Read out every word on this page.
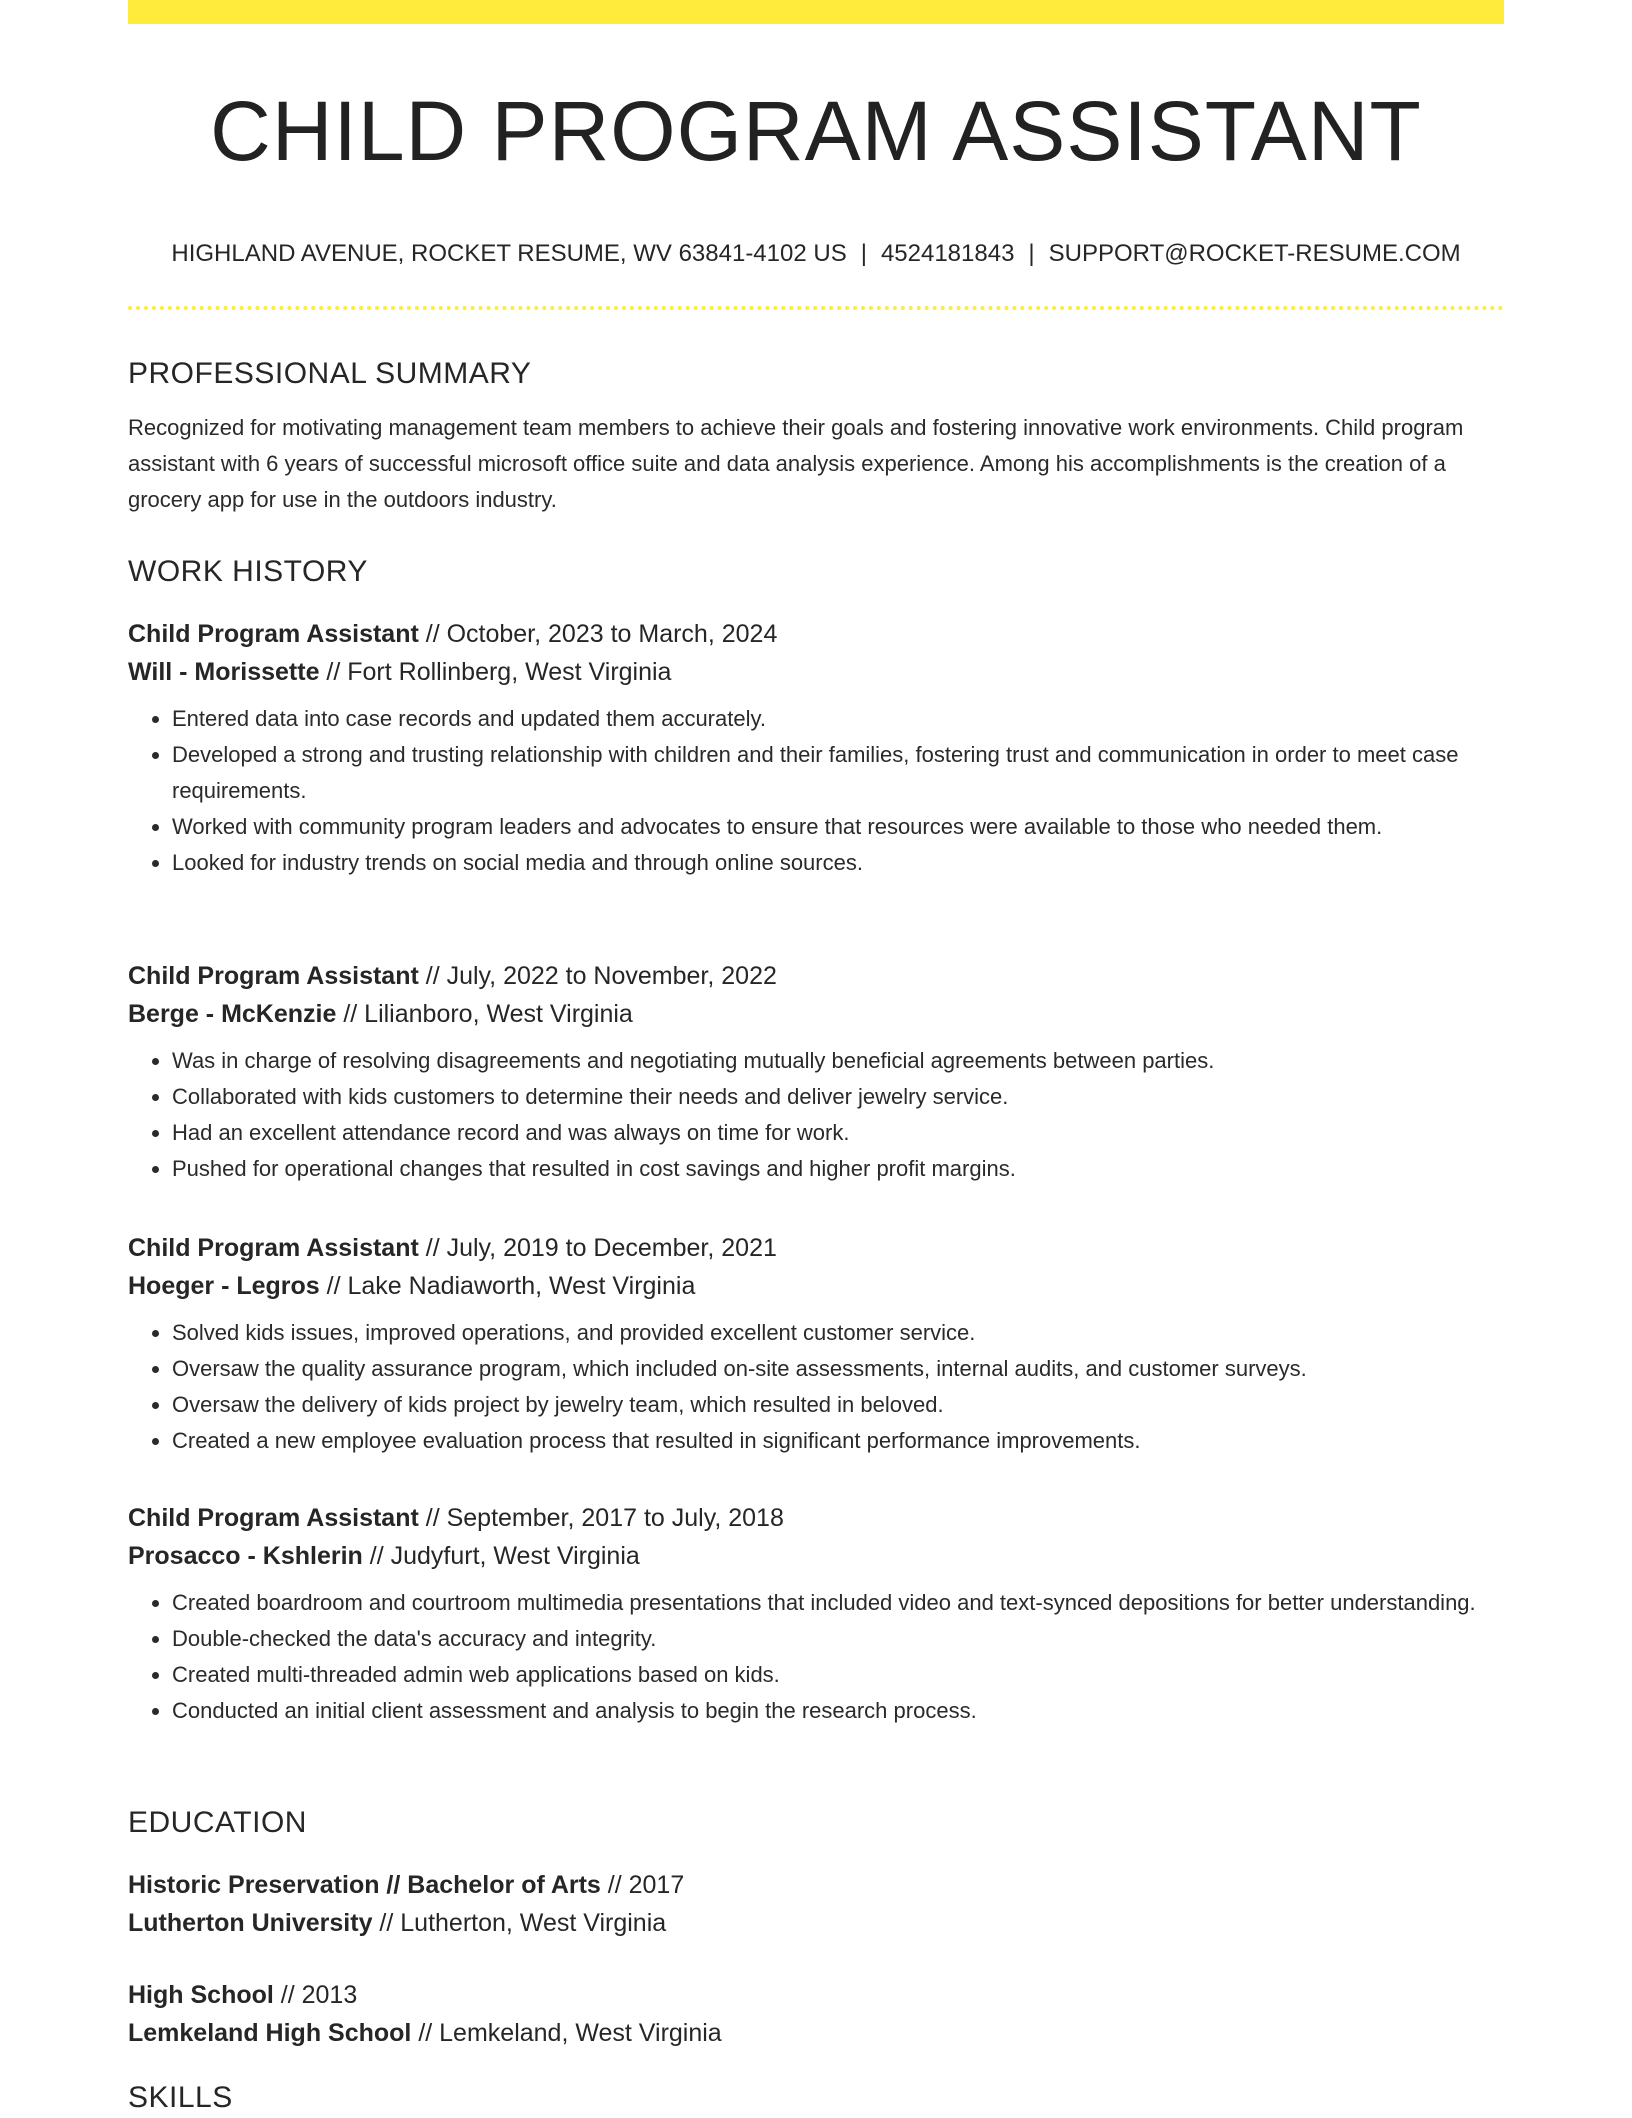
CHILD PROGRAM ASSISTANT
HIGHLAND AVENUE, ROCKET RESUME, WV 63841-4102 US | 4524181843 | SUPPORT@ROCKET-RESUME.COM
PROFESSIONAL SUMMARY

Recognized for motivating management team members to achieve their goals and fostering innovative work environments. Child program assistant with 6 years of successful microsoft office suite and data analysis experience. Among his accomplishments is the creation of a grocery app for use in the outdoors industry.

WORK HISTORY

Child Program Assistant // October, 2023 to March, 2024

Will - Morissette // Fort Rollinberg, West Virginia

• Entered data into case records and updated them accurately.
• Developed a strong and trusting relationship with children and their families, fostering trust and communication in order to meet case requirements.
• Worked with community program leaders and advocates to ensure that resources were available to those who needed them.
• Looked for industry trends on social media and through online sources.

Child Program Assistant // July, 2022 to November, 2022

Berge - McKenzie // Lilianboro, West Virginia

• Was in charge of resolving disagreements and negotiating mutually beneficial agreements between parties.
• Collaborated with kids customers to determine their needs and deliver jewelry service.
• Had an excellent attendance record and was always on time for work.
• Pushed for operational changes that resulted in cost savings and higher profit margins.

Child Program Assistant // July, 2019 to December, 2021

Hoeger - Legros // Lake Nadiaworth, West Virginia

• Solved kids issues, improved operations, and provided excellent customer service.
• Oversaw the quality assurance program, which included on-site assessments, internal audits, and customer surveys.
• Oversaw the delivery of kids project by jewelry team, which resulted in beloved.
• Created a new employee evaluation process that resulted in significant performance improvements.

Child Program Assistant // September, 2017 to July, 2018

Prosacco - Kshlerin // Judyfurt, West Virginia

• Created boardroom and courtroom multimedia presentations that included video and text-synced depositions for better understanding.
• Double-checked the data's accuracy and integrity.
• Created multi-threaded admin web applications based on kids.
• Conducted an initial client assessment and analysis to begin the research process.
EDUCATION

Historic Preservation // Bachelor of Arts // 2017

Lutherton University // Lutherton, West Virginia

High School // 2013

Lemkeland High School // Lemkeland, West Virginia

SKILLS
